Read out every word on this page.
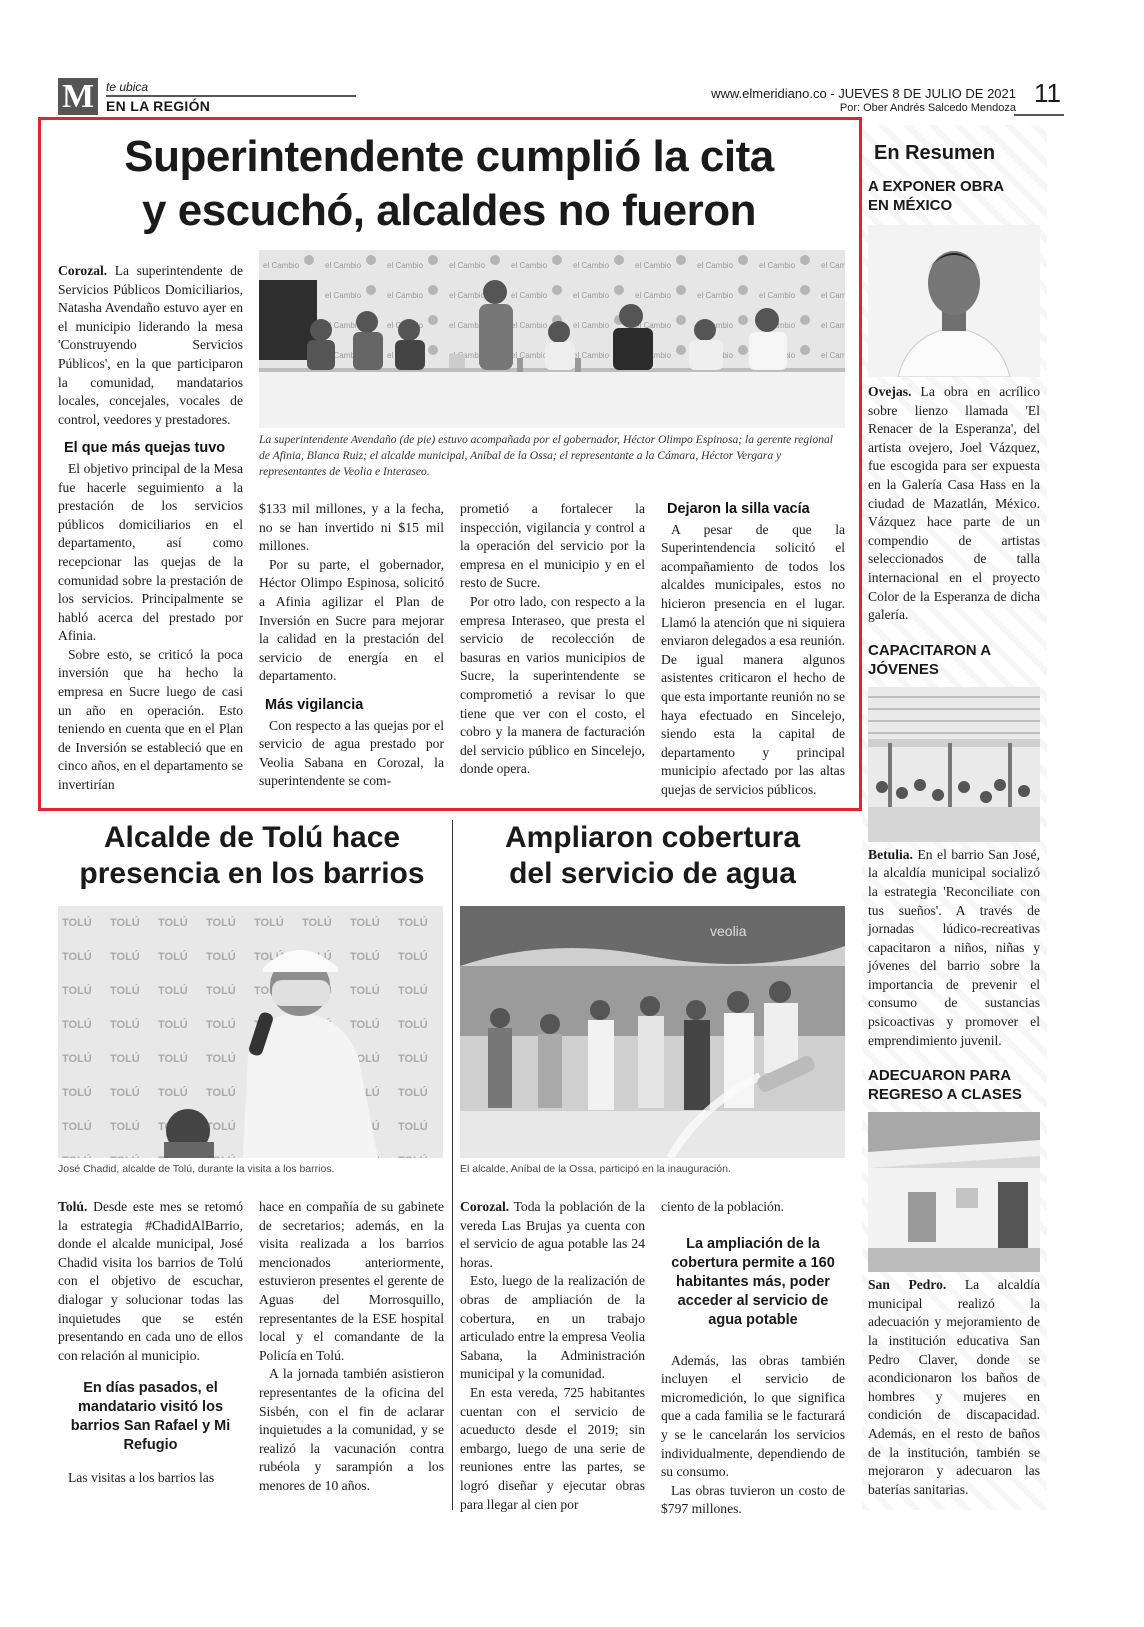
M te ubica
EN LA REGIÓN
www.elmeridiano.co - JUEVES 8 DE JULIO DE 2021
Por: Ober Andrés Salcedo Mendoza 11
Superintendente cumplió la cita
y escuchó, alcaldes no fueron
La superintendente Avendaño (de pie) estuvo acompañada por el gobernador, Héctor Olimpo Espinosa; la gerente regional de Afinia, Blanca Ruiz; el alcalde municipal, Aníbal de la Ossa; el representante a la Cámara, Héctor Vergara y representantes de Veolia e Interaseo.

Corozal. La superintendente de Servicios Públicos Domiciliarios, Natasha Avendaño estuvo ayer en el municipio liderando la mesa 'Construyendo Servicios Públicos', en la que participaron la comunidad, mandatarios locales, concejales, vocales de control, veedores y prestadores.

El que más quejas tuvo

El objetivo principal de la Mesa fue hacerle seguimiento a la prestación de los servicios públicos domiciliarios en el departamento, así como recepcionar las quejas de la comunidad sobre la prestación de los servicios. Principalmente se habló acerca del prestado por Afinia.

Sobre esto, se criticó la poca inversión que ha hecho la empresa en Sucre luego de casi un año en operación. Esto teniendo en cuenta que en el Plan de Inversión se estableció que en cinco años, en el departamento se invertirían

$133 mil millones, y a la fecha, no se han invertido ni $15 mil millones.

Por su parte, el gobernador, Héctor Olimpo Espinosa, solicitó a Afinia agilizar el Plan de Inversión en Sucre para mejorar la calidad en la prestación del servicio de energía en el departamento.

Más vigilancia

Con respecto a las quejas por el servicio de agua prestado por Veolia Sabana en Corozal, la superintendente se com-

prometió a fortalecer la inspección, vigilancia y control a la operación del servicio por la empresa en el municipio y en el resto de Sucre.

Por otro lado, con respecto a la empresa Interaseo, que presta el servicio de recolección de basuras en varios municipios de Sucre, la superintendente se comprometió a revisar lo que tiene que ver con el costo, el cobro y la manera de facturación del servicio público en Sincelejo, donde opera.

Dejaron la silla vacía

A pesar de que la Superintendencia solicitó el acompañamiento de todos los alcaldes municipales, estos no hicieron presencia en el lugar. Llamó la atención que ni siquiera enviaron delegados a esa reunión. De igual manera algunos asistentes criticaron el hecho de que esta importante reunión no se haya efectuado en Sincelejo, siendo esta la capital de departamento y principal municipio afectado por las altas quejas de servicios públicos.

Alcalde de Tolú hace
presencia en los barrios
José Chadid, alcalde de Tolú, durante la visita a los barrios.

Tolú. Desde este mes se retomó la estrategia #ChadidAlBarrio, donde el alcalde municipal, José Chadid visita los barrios de Tolú con el objetivo de escuchar, dialogar y solucionar todas las inquietudes que se estén presentando en cada uno de ellos con relación al municipio.

En días pasados, el mandatario visitó los barrios San Rafael y Mi Refugio

Las visitas a los barrios las

hace en compañía de su gabinete de secretarios; además, en la visita realizada a los barrios mencionados anteriormente, estuvieron presentes el gerente de Aguas del Morrosquillo, representantes de la ESE hospital local y el comandante de la Policía en Tolú.

A la jornada también asistieron representantes de la oficina del Sisbén, con el fin de aclarar inquietudes a la comunidad, y se realizó la vacunación contra rubéola y sarampión a los menores de 10 años.

Ampliaron cobertura
del servicio de agua
veolia
El alcalde, Aníbal de la Ossa, participó en la inauguración.

Corozal. Toda la población de la vereda Las Brujas ya cuenta con el servicio de agua potable las 24 horas.

Esto, luego de la realización de obras de ampliación de la cobertura, en un trabajo articulado entre la empresa Veolia Sabana, la Administración municipal y la comunidad.

En esta vereda, 725 habitantes cuentan con el servicio de acueducto desde el 2019; sin embargo, luego de una serie de reuniones entre las partes, se logró diseñar y ejecutar obras para llegar al cien por

ciento de la población.

La ampliación de la cobertura permite a 160 habitantes más, poder acceder al servicio de agua potable

Además, las obras también incluyen el servicio de micromedición, lo que significa que a cada familia se le facturará y se le cancelarán los servicios individualmente, dependiendo de su consumo.

Las obras tuvieron un costo de $797 millones.

En Resumen
A EXPONER OBRA EN MÉXICO

Ovejas. La obra en acrílico sobre lienzo llamada 'El Renacer de la Esperanza', del artista ovejero, Joel Vázquez, fue escogida para ser expuesta en la Galería Casa Hass en la ciudad de Mazatlán, México. Vázquez hace parte de un compendio de artistas seleccionados de talla internacional en el proyecto Color de la Esperanza de dicha galería.

CAPACITARON A JÓVENES

Betulia. En el barrio San José, la alcaldía municipal socializó la estrategia 'Reconciliate con tus sueños'. A través de jornadas lúdico-recreativas capacitaron a niños, niñas y jóvenes del barrio sobre la importancia de prevenir el consumo de sustancias psicoactivas y promover el emprendimiento juvenil.

ADECUARON PARA REGRESO A CLASES

San Pedro. La alcaldía municipal realizó la adecuación y mejoramiento de la institución educativa San Pedro Claver, donde se acondicionaron los baños de hombres y mujeres en condición de discapacidad. Además, en el resto de baños de la institución, también se mejoraron y adecuaron las baterías sanitarias.
